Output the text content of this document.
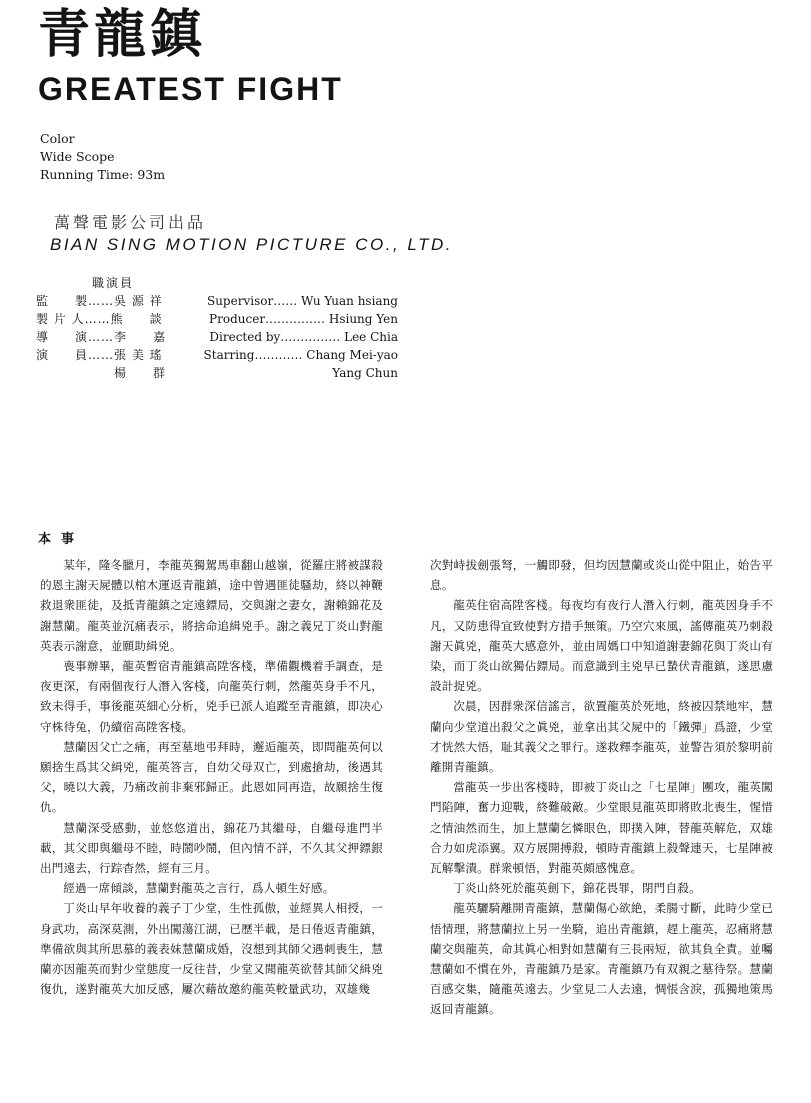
青龍鎮
GREATEST FIGHT
Color
Wide Scope
Running Time: 93m
萬聲電影公司出品
BIAN SING MOTION PICTURE CO., LTD.
職演員
監　　製……吳 源 祥	Supervisor…… Wu Yuan hsiang
製 片 人……熊　　談	Producer…………… Hsiung Yen
導　　演……李　　嘉	Directed by…………… Lee Chia
演　　員……張 美 瑤	Starring………… Chang Mei-yao
　　　　　　楊　　群	Yang Chun
本事

某年，隆冬臘月，李龍英獨駕馬車翻山越嶺，從羅庄將被謀殺的恩主謝天屍體以棺木運返青龍鎮，途中曾遇匪徒騷劫，終以神鞭救退衆匪徒，及抵青龍鎮之定遠鏢局，交與謝之妻女，謝賴錦花及謝慧蘭。龍英並沉痛表示，將捨命追緝兇手。謝之義兄丁炎山對龍英表示謝意，並願助緝兇。

喪事辦畢，龍英暫宿青龍鎮高陞客棧，準備觀機着手調查，是夜更深，有兩個夜行人潛入客棧，向龍英行刺，然龍英身手不凡，致未得手，事後龍英細心分析，兇手已派人追蹤至青龍鎮，即决心守株待兔，仍續宿高陞客棧。

慧蘭因父亡之痛，再至墓地弔拜時，邂逅龍英，即問龍英何以願捨生爲其父緝兇，龍英答言，自幼父母双亡，到處搶劫，後遇其父，曉以大義，乃痛改前非棄邪歸正。此恩如同再造，故願捨生復仇。

慧蘭深受感動，並悠悠道出，錦花乃其繼母，自繼母進門半載，其父即與繼母不睦，時鬧吵鬧，但內情不詳，不久其父押鏢銀出門遠去，行踪杳然，經有三月。

經過一席傾談，慧蘭對龍英之言行，爲人頓生好感。

丁炎山早年收養的義子丁少堂，生性孤傲，並經異人相授，一身武功，高深莫測，外出闖蕩江湖，已歷半載，是日倦返青龍鎮，準備欲與其所思慕的義表妹慧蘭成婚，沒想到其師父遇刺喪生，慧蘭亦因龍英而對少堂態度一反往昔，少堂又聞龍英欲替其師父緝兇復仇，遂對龍英大加反感，屢次藉故邀約龍英較量武功，双雄幾

次對峙拔劍張弩，一觸即發，但均因慧蘭或炎山從中阻止，始告平息。

龍英住宿高陞客棧。每夜均有夜行人潛入行刺，龍英因身手不凡，又防患得宜致使對方措手無策。乃空穴來風，謠傳龍英乃刺殺謝天眞兇，龍英大感意外，並由周媽口中知道謝妻錦花與丁炎山有染，而丁炎山欲獨佔鏢局。而意識到主兇早已蟄伏青龍鎮，遂思慮設計捉兇。

次晨，因群衆深信謠言，欲置龍英於死地，終被囚禁地牢，慧蘭向少堂道出殺父之眞兇，並拿出其父屍中的「鐵彈」爲證，少堂才恍然大悟，耻其義父之罪行。遂救釋李龍英，並警告須於黎明前離開青龍鎮。

當龍英一步出客棧時，即被丁炎山之「七星陣」團攻，龍英闖門陷陣，奮力迎戰，終難破敵。少堂眼見龍英即將敗北喪生，惺惜之情油然而生，加上慧蘭乞憐眼色，即撲入陣，替龍英解危，双雄合力如虎添翼。双方展開搏殺，頓時青龍鎮上殺聲連天，七星陣被瓦解擊潰。群衆頓悟，對龍英頗感愧意。

丁炎山終死於龍英劍下，錦花畏罪，閉門自殺。

龍英驪騎離開青龍鎮，慧蘭傷心欲絶，柔腸寸斷，此時少堂已悟情理，將慧蘭拉上另一坐騎，追出青龍鎮，趕上龍英，忍痛將慧蘭交與龍英，命其眞心相對如慧蘭有三長兩短，欲其負全責。並囑慧蘭如不慣在外，青龍鎮乃是家。青龍鎮乃有双親之墓待祭。慧蘭百感交集，隨龍英遠去。少堂見二人去遠，惆悵含淚，孤獨地策馬返回青龍鎮。
